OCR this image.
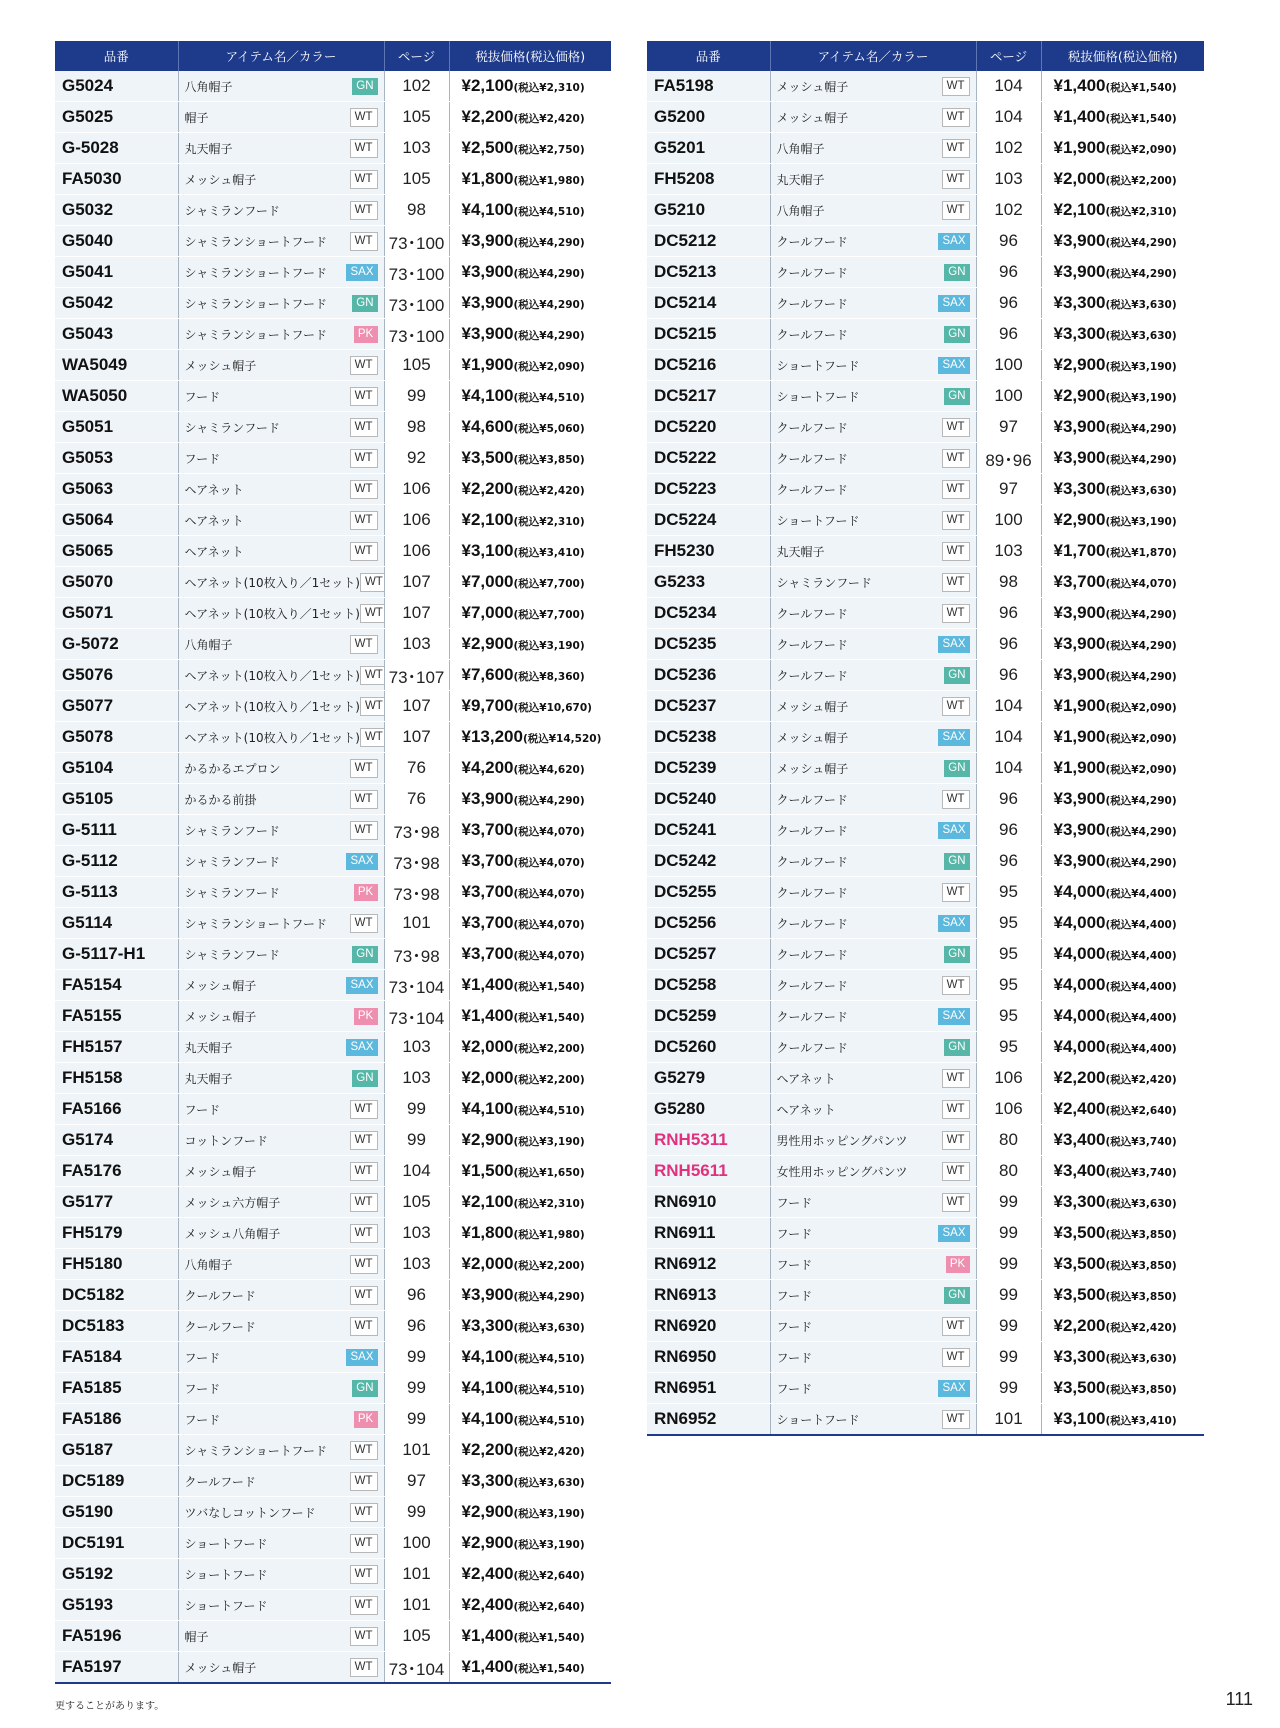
品番	アイテム名／カラー	ページ	税抜価格(税込価格)
G5024	八角帽子 GN	102	¥2,100(税込¥2,310)
G5025	帽子 WT	105	¥2,200(税込¥2,420)
G-5028	丸天帽子 WT	103	¥2,500(税込¥2,750)
FA5030	メッシュ帽子 WT	105	¥1,800(税込¥1,980)
G5032	シャミランフード WT	98	¥4,100(税込¥4,510)
G5040	シャミランショートフード WT	73･100	¥3,900(税込¥4,290)
G5041	シャミランショートフード SAX	73･100	¥3,900(税込¥4,290)
G5042	シャミランショートフード GN	73･100	¥3,900(税込¥4,290)
G5043	シャミランショートフード PK	73･100	¥3,900(税込¥4,290)
WA5049	メッシュ帽子 WT	105	¥1,900(税込¥2,090)
WA5050	フード WT	99	¥4,100(税込¥4,510)
G5051	シャミランフード WT	98	¥4,600(税込¥5,060)
G5053	フード WT	92	¥3,500(税込¥3,850)
G5063	ヘアネット WT	106	¥2,200(税込¥2,420)
G5064	ヘアネット WT	106	¥2,100(税込¥2,310)
G5065	ヘアネット WT	106	¥3,100(税込¥3,410)
G5070	ヘアネット(10枚入り／1セット) WT	107	¥7,000(税込¥7,700)
G5071	ヘアネット(10枚入り／1セット) WT	107	¥7,000(税込¥7,700)
G-5072	八角帽子 WT	103	¥2,900(税込¥3,190)
G5076	ヘアネット(10枚入り／1セット) WT	73･107	¥7,600(税込¥8,360)
G5077	ヘアネット(10枚入り／1セット) WT	107	¥9,700(税込¥10,670)
G5078	ヘアネット(10枚入り／1セット) WT	107	¥13,200(税込¥14,520)
G5104	かるかるエプロン WT	76	¥4,200(税込¥4,620)
G5105	かるかる前掛 WT	76	¥3,900(税込¥4,290)
G-5111	シャミランフード WT	73･98	¥3,700(税込¥4,070)
G-5112	シャミランフード SAX	73･98	¥3,700(税込¥4,070)
G-5113	シャミランフード PK	73･98	¥3,700(税込¥4,070)
G5114	シャミランショートフード WT	101	¥3,700(税込¥4,070)
G-5117-H1	シャミランフード GN	73･98	¥3,700(税込¥4,070)
FA5154	メッシュ帽子 SAX	73･104	¥1,400(税込¥1,540)
FA5155	メッシュ帽子 PK	73･104	¥1,400(税込¥1,540)
FH5157	丸天帽子 SAX	103	¥2,000(税込¥2,200)
FH5158	丸天帽子 GN	103	¥2,000(税込¥2,200)
FA5166	フード WT	99	¥4,100(税込¥4,510)
G5174	コットンフード WT	99	¥2,900(税込¥3,190)
FA5176	メッシュ帽子 WT	104	¥1,500(税込¥1,650)
G5177	メッシュ六方帽子 WT	105	¥2,100(税込¥2,310)
FH5179	メッシュ八角帽子 WT	103	¥1,800(税込¥1,980)
FH5180	八角帽子 WT	103	¥2,000(税込¥2,200)
DC5182	クールフード WT	96	¥3,900(税込¥4,290)
DC5183	クールフード WT	96	¥3,300(税込¥3,630)
FA5184	フード SAX	99	¥4,100(税込¥4,510)
FA5185	フード GN	99	¥4,100(税込¥4,510)
FA5186	フード PK	99	¥4,100(税込¥4,510)
G5187	シャミランショートフード WT	101	¥2,200(税込¥2,420)
DC5189	クールフード WT	97	¥3,300(税込¥3,630)
G5190	ツバなしコットンフード WT	99	¥2,900(税込¥3,190)
DC5191	ショートフード WT	100	¥2,900(税込¥3,190)
G5192	ショートフード WT	101	¥2,400(税込¥2,640)
G5193	ショートフード WT	101	¥2,400(税込¥2,640)
FA5196	帽子 WT	105	¥1,400(税込¥1,540)
FA5197	メッシュ帽子 WT	73･104	¥1,400(税込¥1,540)
品番	アイテム名／カラー	ページ	税抜価格(税込価格)
FA5198	メッシュ帽子 WT	104	¥1,400(税込¥1,540)
G5200	メッシュ帽子 WT	104	¥1,400(税込¥1,540)
G5201	八角帽子 WT	102	¥1,900(税込¥2,090)
FH5208	丸天帽子 WT	103	¥2,000(税込¥2,200)
G5210	八角帽子 WT	102	¥2,100(税込¥2,310)
DC5212	クールフード SAX	96	¥3,900(税込¥4,290)
DC5213	クールフード GN	96	¥3,900(税込¥4,290)
DC5214	クールフード SAX	96	¥3,300(税込¥3,630)
DC5215	クールフード GN	96	¥3,300(税込¥3,630)
DC5216	ショートフード SAX	100	¥2,900(税込¥3,190)
DC5217	ショートフード GN	100	¥2,900(税込¥3,190)
DC5220	クールフード WT	97	¥3,900(税込¥4,290)
DC5222	クールフード WT	89･96	¥3,900(税込¥4,290)
DC5223	クールフード WT	97	¥3,300(税込¥3,630)
DC5224	ショートフード WT	100	¥2,900(税込¥3,190)
FH5230	丸天帽子 WT	103	¥1,700(税込¥1,870)
G5233	シャミランフード WT	98	¥3,700(税込¥4,070)
DC5234	クールフード WT	96	¥3,900(税込¥4,290)
DC5235	クールフード SAX	96	¥3,900(税込¥4,290)
DC5236	クールフード GN	96	¥3,900(税込¥4,290)
DC5237	メッシュ帽子 WT	104	¥1,900(税込¥2,090)
DC5238	メッシュ帽子 SAX	104	¥1,900(税込¥2,090)
DC5239	メッシュ帽子 GN	104	¥1,900(税込¥2,090)
DC5240	クールフード WT	96	¥3,900(税込¥4,290)
DC5241	クールフード SAX	96	¥3,900(税込¥4,290)
DC5242	クールフード GN	96	¥3,900(税込¥4,290)
DC5255	クールフード WT	95	¥4,000(税込¥4,400)
DC5256	クールフード SAX	95	¥4,000(税込¥4,400)
DC5257	クールフード GN	95	¥4,000(税込¥4,400)
DC5258	クールフード WT	95	¥4,000(税込¥4,400)
DC5259	クールフード SAX	95	¥4,000(税込¥4,400)
DC5260	クールフード GN	95	¥4,000(税込¥4,400)
G5279	ヘアネット WT	106	¥2,200(税込¥2,420)
G5280	ヘアネット WT	106	¥2,400(税込¥2,640)
RNH5311	男性用ホッピングパンツ WT	80	¥3,400(税込¥3,740)
RNH5611	女性用ホッピングパンツ WT	80	¥3,400(税込¥3,740)
RN6910	フード WT	99	¥3,300(税込¥3,630)
RN6911	フード SAX	99	¥3,500(税込¥3,850)
RN6912	フード PK	99	¥3,500(税込¥3,850)
RN6913	フード GN	99	¥3,500(税込¥3,850)
RN6920	フード WT	99	¥2,200(税込¥2,420)
RN6950	フード WT	99	¥3,300(税込¥3,630)
RN6951	フード SAX	99	¥3,500(税込¥3,850)
RN6952	ショートフード WT	101	¥3,100(税込¥3,410)
更することがあります。	111
